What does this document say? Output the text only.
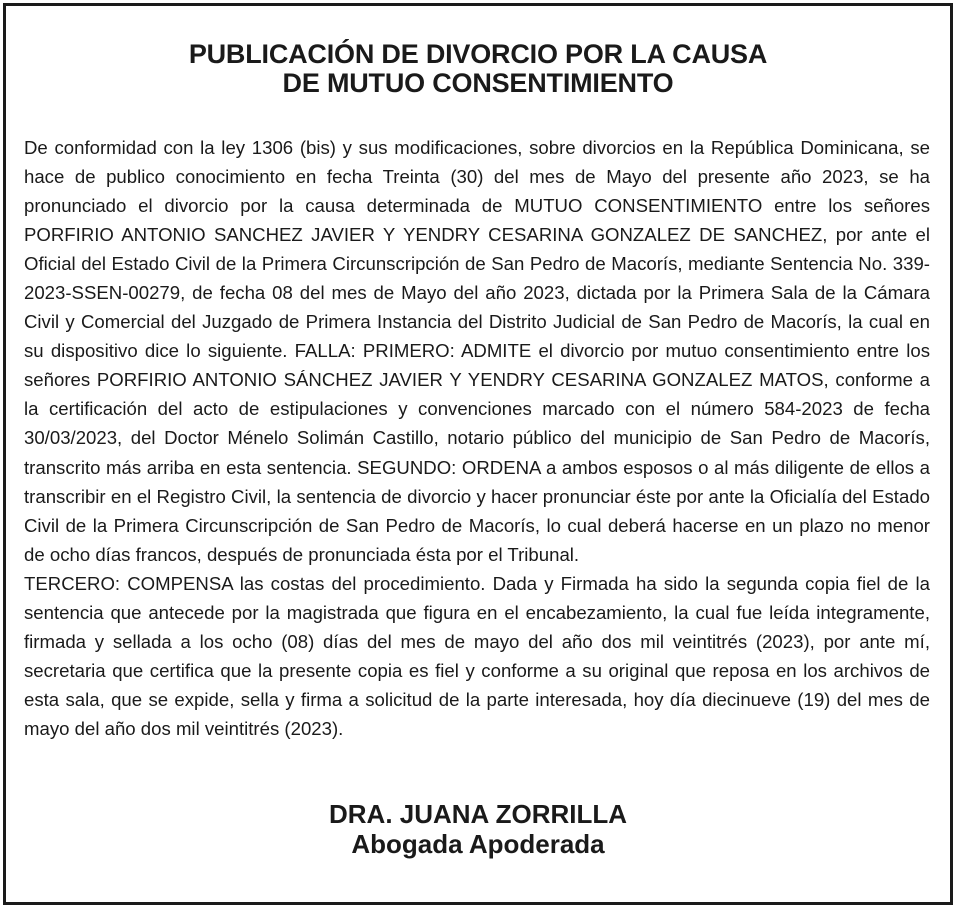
PUBLICACIÓN DE DIVORCIO POR LA CAUSA
DE MUTUO CONSENTIMIENTO

De conformidad con la ley 1306 (bis) y sus modificaciones, sobre divorcios en la República Dominicana, se hace de publico conocimiento en fecha Treinta (30) del mes de Mayo del presente año 2023, se ha pronunciado el divorcio por la causa determinada de MUTUO CONSENTIMIENTO entre los señores PORFIRIO ANTONIO SANCHEZ JAVIER Y YENDRY CESARINA GONZALEZ DE SANCHEZ, por ante el Oficial del Estado Civil de la Primera Circunscripción de San Pedro de Macorís, mediante Sentencia No. 339-2023-SSEN-00279, de fecha 08 del mes de Mayo del año 2023, dictada por la Primera Sala de la Cámara Civil y Comercial del Juzgado de Primera Instancia del Distrito Judicial de San Pedro de Macorís, la cual en su dispositivo dice lo siguiente. FALLA: PRIMERO: ADMITE el divorcio por mutuo consentimiento entre los señores PORFIRIO ANTONIO SÁNCHEZ JAVIER Y YENDRY CESARINA GONZALEZ MATOS, conforme a la certificación del acto de estipulaciones y convenciones marcado con el número 584-2023 de fecha 30/03/2023, del Doctor Ménelo Solimán Castillo, notario público del municipio de San Pedro de Macorís, transcrito más arriba en esta sentencia. SEGUNDO: ORDENA a ambos esposos o al más diligente de ellos a transcribir en el Registro Civil, la sentencia de divorcio y hacer pronunciar éste por ante la Oficialía del Estado Civil de la Primera Circunscripción de San Pedro de Macorís, lo cual deberá hacerse en un plazo no menor de ocho días francos, después de pronunciada ésta por el Tribunal.

TERCERO: COMPENSA las costas del procedimiento. Dada y Firmada ha sido la segunda copia fiel de la sentencia que antecede por la magistrada que figura en el encabezamiento, la cual fue leída integramente, firmada y sellada a los ocho (08) días del mes de mayo del año dos mil veintitrés (2023), por ante mí, secretaria que certifica que la presente copia es fiel y conforme a su original que reposa en los archivos de esta sala, que se expide, sella y firma a solicitud de la parte interesada, hoy día diecinueve (19) del mes de mayo del año dos mil veintitrés (2023).

DRA. JUANA ZORRILLA
Abogada Apoderada
